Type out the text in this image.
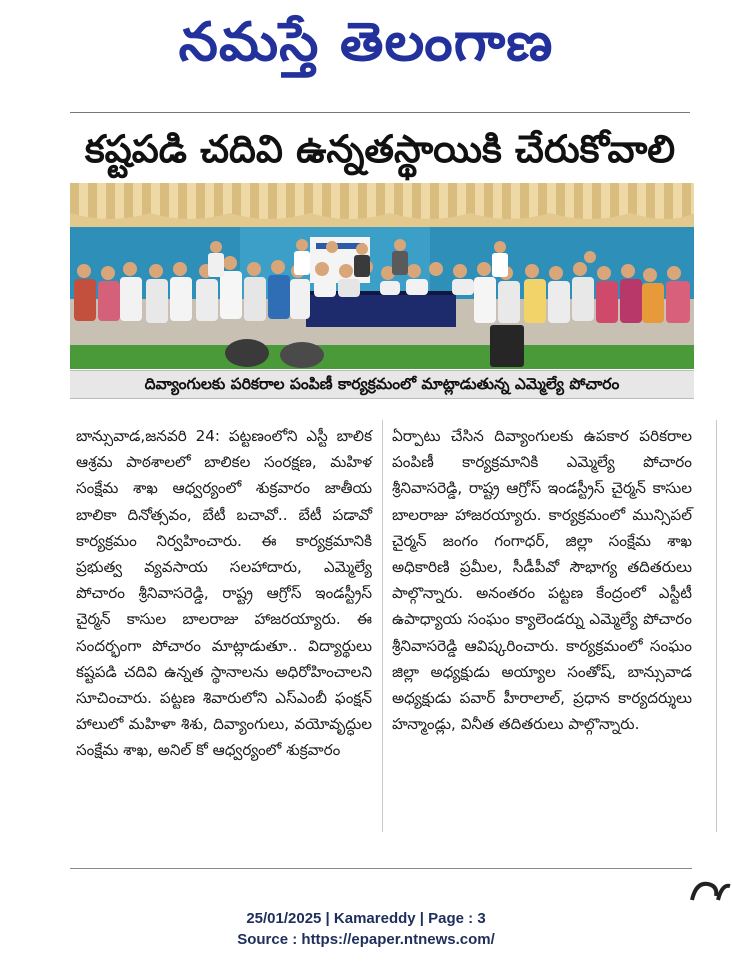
నమస్తే తెలంగాణ
కష్టపడి చదివి ఉన్నతస్థాయికి చేరుకోవాలి
దివ్యాంగులకు పరికరాల పంపిణీ కార్యక్రమంలో మాట్లాడుతున్న ఎమ్మెల్యే పోచారం
బాన్సువాడ,జనవరి 24: పట్టణంలోని ఎస్టీ బాలిక ఆశ్రమ పాఠశాలలో బాలికల సంరక్షణ, మహిళ సంక్షేమ శాఖ ఆధ్వర్యంలో శుక్రవారం జాతీయ బాలికా దినోత్సవం, బేటీ బచావో.. బేటీ పడావో కార్యక్రమం నిర్వహించారు. ఈ కార్యక్రమానికి ప్రభుత్వ వ్యవసాయ సలహాదారు, ఎమ్మెల్యే పోచారం శ్రీనివాసరెడ్డి, రాష్ట్ర ఆగ్రోస్ ఇండస్ట్రీస్ చైర్మన్ కాసుల బాలరాజు హాజరయ్యారు. ఈ సందర్భంగా పోచారం మాట్లాడుతూ.. విద్యార్థులు కష్టపడి చదివి ఉన్నత స్థానాలను అధిరోహించాలని సూచించారు. పట్టణ శివారులోని ఎస్ఎంబీ ఫంక్షన్ హాలులో మహిళా శిశు, దివ్యాంగులు, వయోవృద్ధుల సంక్షేమ శాఖ, అనిల్ కో ఆధ్వర్యంలో శుక్రవారం
ఏర్పాటు చేసిన దివ్యాంగులకు ఉపకార పరికరాల పంపిణీ కార్యక్రమానికి ఎమ్మెల్యే పోచారం శ్రీనివాసరెడ్డి, రాష్ట్ర ఆగ్రోస్ ఇండస్ట్రీస్ చైర్మన్ కాసుల బాలరాజు హాజరయ్యారు. కార్యక్రమంలో మున్సిపల్ చైర్మన్ జంగం గంగాధర్, జిల్లా సంక్షేమ శాఖ అధికారిణి ప్రమీల, సీడీపీవో సౌభాగ్య తదితరులు పాల్గొన్నారు. అనంతరం పట్టణ కేంద్రంలో ఎస్టీటీ ఉపాధ్యాయ సంఘం క్యాలెండర్ను ఎమ్మెల్యే పోచారం శ్రీనివాసరెడ్డి ఆవిష్కరించారు. కార్యక్రమంలో సంఘం జిల్లా అధ్యక్షుడు అయ్యాల సంతోష్, బాన్సువాడ అధ్యక్షుడు పవార్ హీరాలాల్, ప్రధాన కార్యదర్శులు హన్మాండ్లు, వినీత తదితరులు పాల్గొన్నారు.
25/01/2025 | Kamareddy | Page : 3
Source : https://epaper.ntnews.com/
